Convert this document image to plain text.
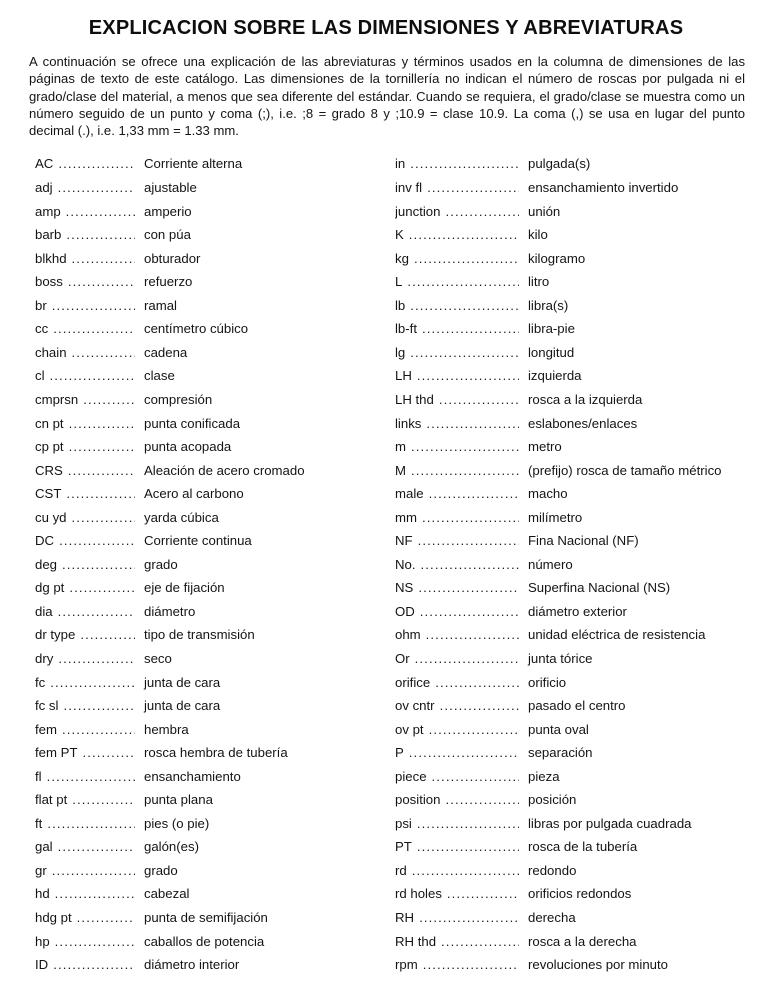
EXPLICACION SOBRE LAS DIMENSIONES Y ABREVIATURAS

A continuación se ofrece una explicación de las abreviaturas y términos usados en la columna de dimensiones de las páginas de texto de este catálogo. Las dimensiones de la tornillería no indican el número de roscas por pulgada ni el grado/clase del material, a menos que sea diferente del estándar. Cuando se requiera, el grado/clase se muestra como un número seguido de un punto y coma (;), i.e. ;8 = grado 8 y ;10.9 = clase 10.9. La coma (,) se usa en lugar del punto decimal (.), i.e. 1,33 mm = 1.33 mm.

AC .....	Corriente alterna
adj .....	ajustable
amp .....	amperio
barb .....	con púa
blkhd .....	obturador
boss .....	refuerzo
br .....	ramal
cc .....	centímetro cúbico
chain .....	cadena
cl .....	clase
cmprsn .....	compresión
cn pt .....	punta conificada
cp pt .....	punta acopada
CRS .....	Aleación de acero cromado
CST .....	Acero al carbono
cu yd .....	yarda cúbica
DC .....	Corriente continua
deg .....	grado
dg pt .....	eje de fijación
dia .....	diámetro
dr type .....	tipo de transmisión
dry .....	seco
fc .....	junta de cara
fc sl .....	junta de cara
fem .....	hembra
fem PT .....	rosca hembra de tubería
fl .....	ensanchamiento
flat pt .....	punta plana
ft .....	pies (o pie)
gal .....	galón(es)
gr .....	grado
hd .....	cabezal
hdg pt .....	punta de semifijación
hp .....	caballos de potencia
ID .....	diámetro interior
in .....	pulgada(s)
inv fl .....	ensanchamiento invertido
junction .....	unión
K .....	kilo
kg .....	kilogramo
L .....	litro
lb .....	libra(s)
lb-ft .....	libra-pie
lg .....	longitud
LH .....	izquierda
LH thd .....	rosca a la izquierda
links .....	eslabones/enlaces
m .....	metro
M .....	(prefijo) rosca de tamaño métrico
male .....	macho
mm .....	milímetro
NF .....	Fina Nacional (NF)
No. .....	número
NS .....	Superfina Nacional (NS)
OD .....	diámetro exterior
ohm .....	unidad eléctrica de resistencia
Or .....	junta tórice
orifice .....	orificio
ov cntr .....	pasado el centro
ov pt .....	punta oval
P .....	separación
piece .....	pieza
position .....	posición
psi .....	libras por pulgada cuadrada
PT .....	rosca de la tubería
rd .....	redondo
rd holes .....	orificios redondos
RH .....	derecha
RH thd .....	rosca a la derecha
rpm .....	revoluciones por minuto
